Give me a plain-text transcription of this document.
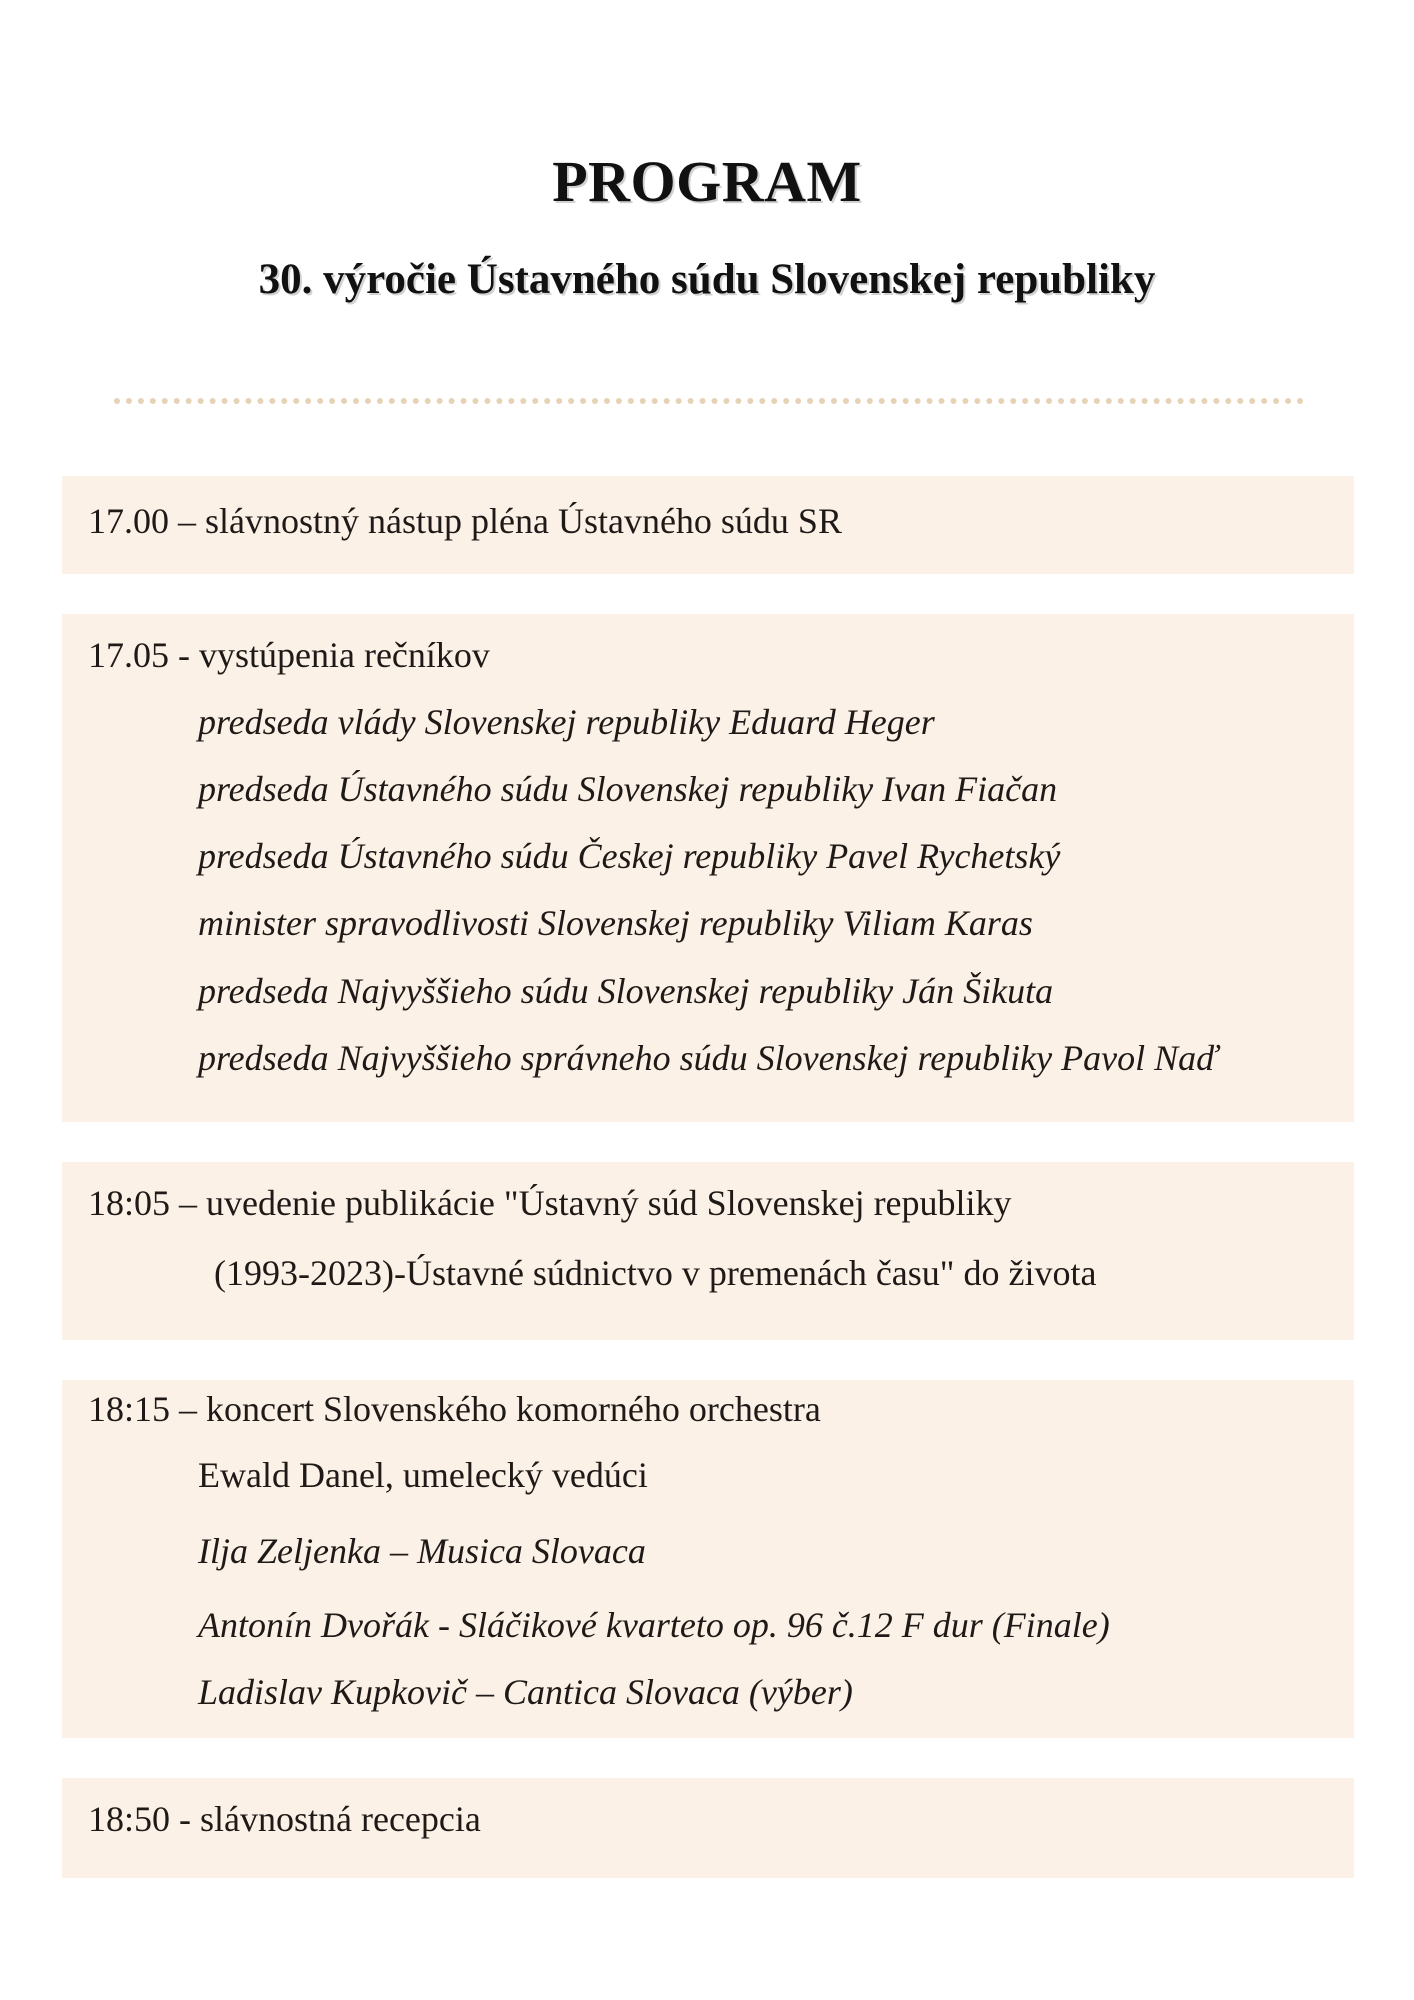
PROGRAM
30. výročie Ústavného súdu Slovenskej republiky
17.00 – slávnostný nástup pléna Ústavného súdu SR
17.05 - vystúpenia rečníkov
predseda vlády Slovenskej republiky Eduard Heger
predseda Ústavného súdu Slovenskej republiky Ivan Fiačan
predseda Ústavného súdu Českej republiky Pavel Rychetský
minister spravodlivosti Slovenskej republiky Viliam Karas
predseda Najvyššieho súdu Slovenskej republiky Ján Šikuta
predseda Najvyššieho správneho súdu Slovenskej republiky Pavol Naď
18:05 – uvedenie publikácie "Ústavný súd Slovenskej republiky
(1993-2023)-Ústavné súdnictvo v premenách času" do života
18:15 – koncert Slovenského komorného orchestra
Ewald Danel, umelecký vedúci
Ilja Zeljenka – Musica Slovaca
Antonín Dvořák - Sláčikové kvarteto op. 96 č.12 F dur (Finale)
Ladislav Kupkovič – Cantica Slovaca (výber)
18:50 - slávnostná recepcia
